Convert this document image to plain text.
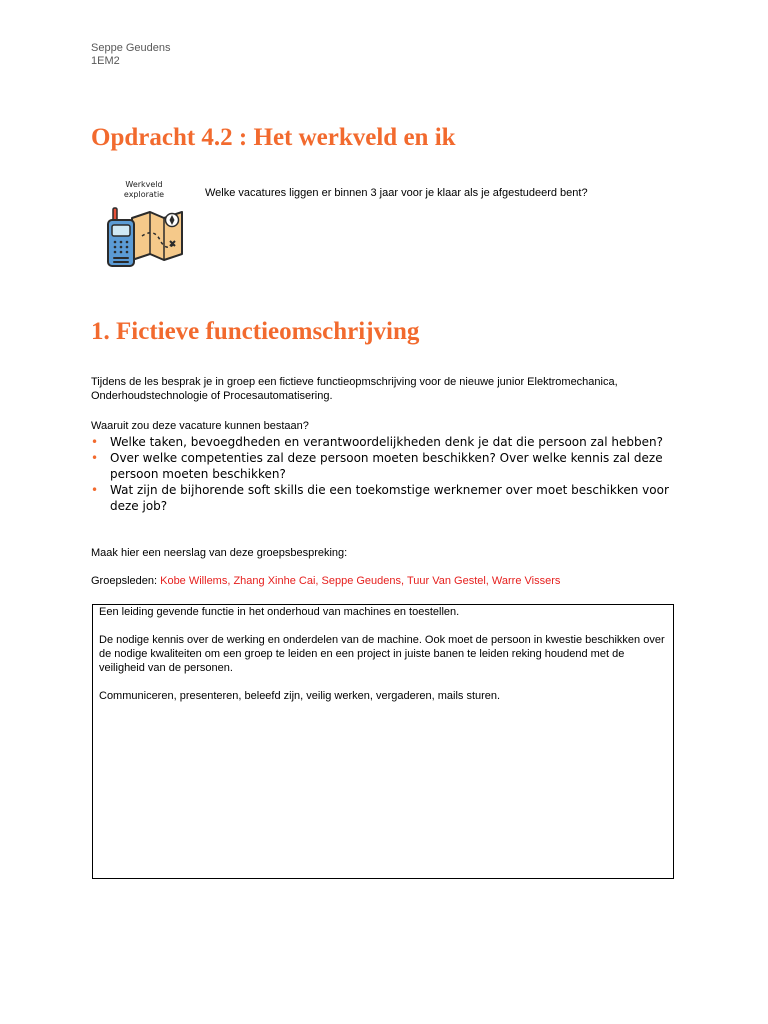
Seppe Geudens
1EM2
Opdracht 4.2 : Het werkveld en ik
Werkveld
exploratie	Welke vacatures liggen er binnen 3 jaar voor je klaar als je afgestudeerd bent?
1. Fictieve functieomschrijving
Tijdens de les besprak je in groep een fictieve functieopmschrijving voor de nieuwe junior Elektromechanica, Onderhoudstechnologie of Procesautomatisering.
Waaruit zou deze vacature kunnen bestaan?
• Welke taken, bevoegdheden en verantwoordelijkheden denk je dat die persoon zal hebben?
• Over welke competenties zal deze persoon moeten beschikken? Over welke kennis zal deze persoon moeten beschikken?
• Wat zijn de bijhorende soft skills die een toekomstige werknemer over moet beschikken voor deze job?
Maak hier een neerslag van deze groepsbespreking:
Groepsleden: Kobe Willems, Zhang Xinhe Cai, Seppe Geudens, Tuur Van Gestel, Warre Vissers

Een leiding gevende functie in het onderhoud van machines en toestellen.

De nodige kennis over de werking en onderdelen van de machine. Ook moet de persoon in kwestie beschikken over de nodige kwaliteiten om een groep te leiden en een project in juiste banen te leiden reking houdend met de veiligheid van de personen.

Communiceren, presenteren, beleefd zijn, veilig werken, vergaderen, mails sturen.
